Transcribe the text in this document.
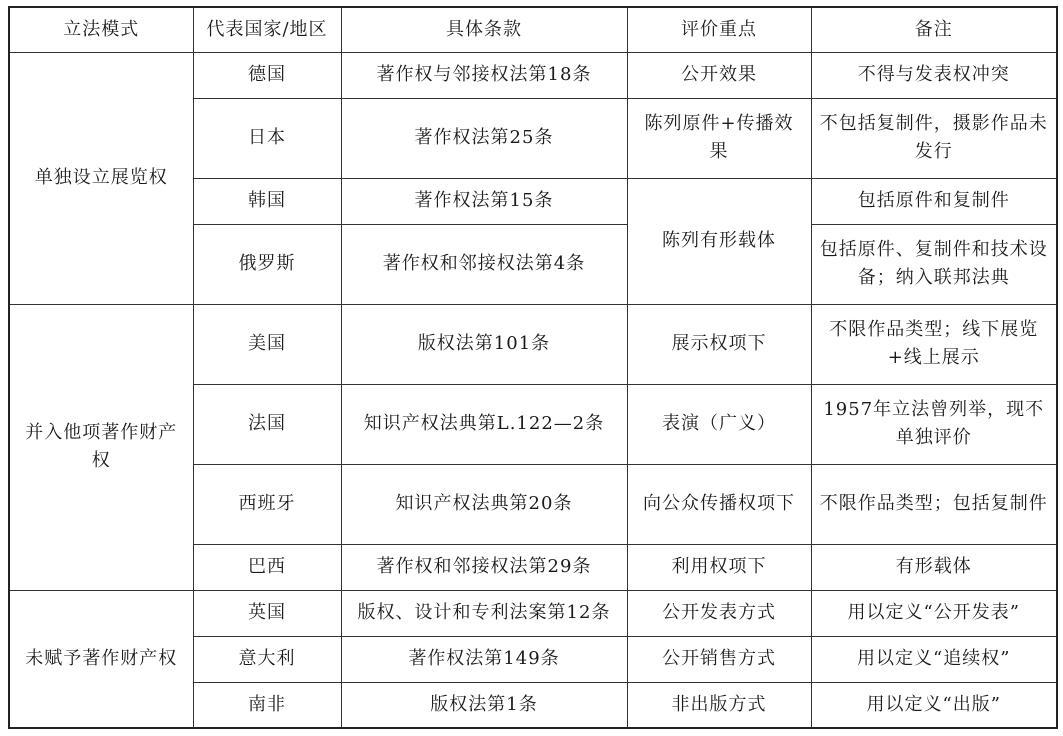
立法模式	代表国家/地区	具体条款	评价重点	备注
单独设立展览权	德国	著作权与邻接权法第18条	公开效果	不得与发表权冲突
	日本	著作权法第25条	陈列原件+传播效果	不包括复制件，摄影作品未发行
	韩国	著作权法第15条	陈列有形载体	包括原件和复制件
	俄罗斯	著作权和邻接权法第4条		包括原件、复制件和技术设备；纳入联邦法典
并入他项著作财产权	美国	版权法第101条	展示权项下	不限作品类型；线下展览+线上展示
	法国	知识产权法典第L.122—2条	表演（广义）	1957年立法曾列举，现不单独评价
	西班牙	知识产权法典第20条	向公众传播权项下	不限作品类型；包括复制件
	巴西	著作权和邻接权法第29条	利用权项下	有形载体
未赋予著作财产权	英国	版权、设计和专利法案第12条	公开发表方式	用以定义“公开发表”
	意大利	著作权法第149条	公开销售方式	用以定义“追续权”
	南非	版权法第1条	非出版方式	用以定义“出版”
